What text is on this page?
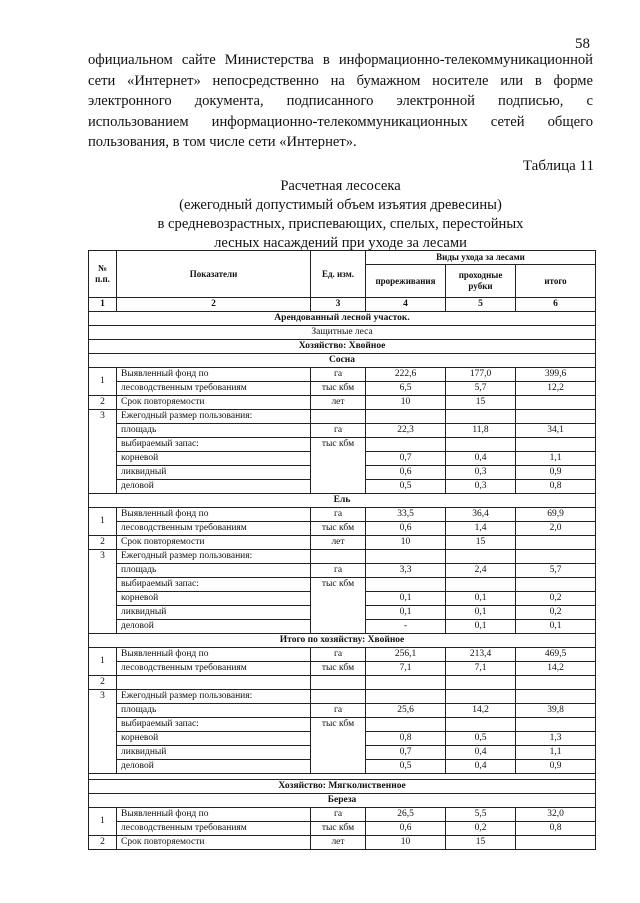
58

официальном сайте Министерства в информационно-телекоммуникационной сети «Интернет» непосредственно на бумажном носителе или в форме электронного документа, подписанного электронной подписью, с использованием информационно-телекоммуникационных сетей общего пользования, в том числе сети «Интернет».

Таблица 11
Расчетная лесосека
(ежегодный допустимый объем изъятия древесины)
в средневозрастных, приспевающих, спелых, перестойных
лесных насаждений при уходе за лесами
№ п.п.	Показатели	Ед. изм.	Виды ухода за лесами		
			прореживания	проходные рубки	итого
1	2	3	4	5	6
Арендованный лесной участок.					
Защитные леса					
Хозяйство: Хвойное					
Сосна					
1	Выявленный фонд по	га	222,6	177,0	399,6
	лесоводственным требованиям	тыс кбм	6,5	5,7	12,2
2	Срок повторяемости	лет	10	15	
3	Ежегодный размер пользования:				
	площадь	га	22,3	11,8	34,1
	выбираемый запас:	тыс кбм			
	корневой		0,7	0,4	1,1
	ликвидный		0,6	0,3	0,9
	деловой		0,5	0,3	0,8
Ель					
1	Выявленный фонд по	га	33,5	36,4	69,9
	лесоводственным требованиям	тыс кбм	0,6	1,4	2,0
2	Срок повторяемости	лет	10	15	
3	Ежегодный размер пользования:				
	площадь	га	3,3	2,4	5,7
	выбираемый запас:	тыс кбм			
	корневой		0,1	0,1	0,2
	ликвидный		0,1	0,1	0,2
	деловой		-	0,1	0,1
Итого по хозяйству: Хвойное					
1	Выявленный фонд по	га	256,1	213,4	469,5
	лесоводственным требованиям	тыс кбм	7,1	7,1	14,2
2					
3	Ежегодный размер пользования:				
	площадь	га	25,6	14,2	39,8
	выбираемый запас:	тыс кбм			
	корневой		0,8	0,5	1,3
	ликвидный		0,7	0,4	1,1
	деловой		0,5	0,4	0,9

Хозяйство: Мягколиственное					
Береза					
1	Выявленный фонд по	га	26,5	5,5	32,0
	лесоводственным требованиям	тыс кбм	0,6	0,2	0,8
2	Срок повторяемости	лет	10	15	
